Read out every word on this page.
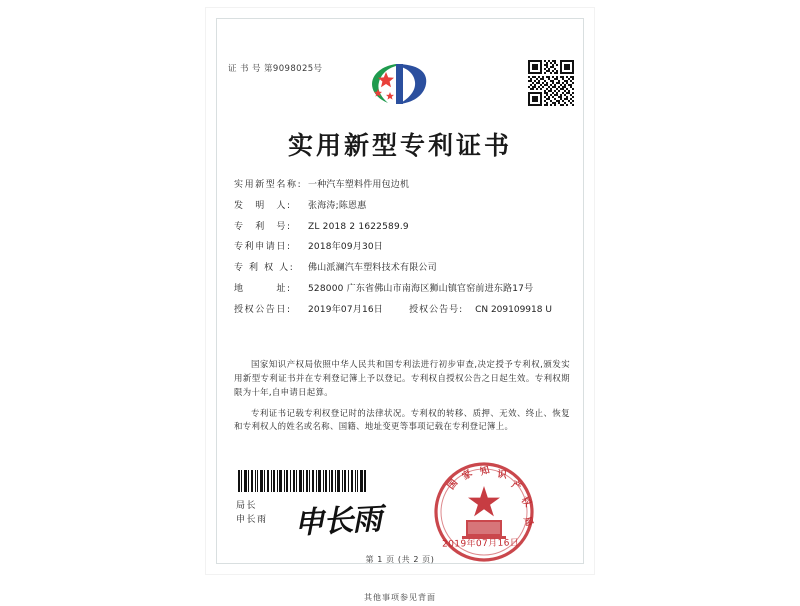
证 书 号 第9098025号
实用新型专利证书
实用新型名称: 一种汽车塑料件用包边机
发　明　人:	张海涛;陈恩惠
专　利　号:	ZL 2018 2 1622589.9
专利申请日:	2018年09月30日
专 利 权 人:	佛山派澜汽车塑料技术有限公司
地　　　址:	528000 广东省佛山市南海区狮山镇官窑前进东路17号
授权公告日:	2019年07月16日	授权公告号:	CN 209109918 U

国家知识产权局依照中华人民共和国专利法进行初步审查,决定授予专利权,颁发实用新型专利证书并在专利登记簿上予以登记。专利权自授权公告之日起生效。专利权期限为十年,自申请日起算。

专利证书记载专利权登记时的法律状况。专利权的转移、质押、无效、终止、恢复和专利权人的姓名或名称、国籍、地址变更等事项记载在专利登记簿上。

局长
申长雨 申长雨
国
家 知 识
产
权
局
2019年07月16日
第 1 页 (共 2 页)
其他事项参见背面
